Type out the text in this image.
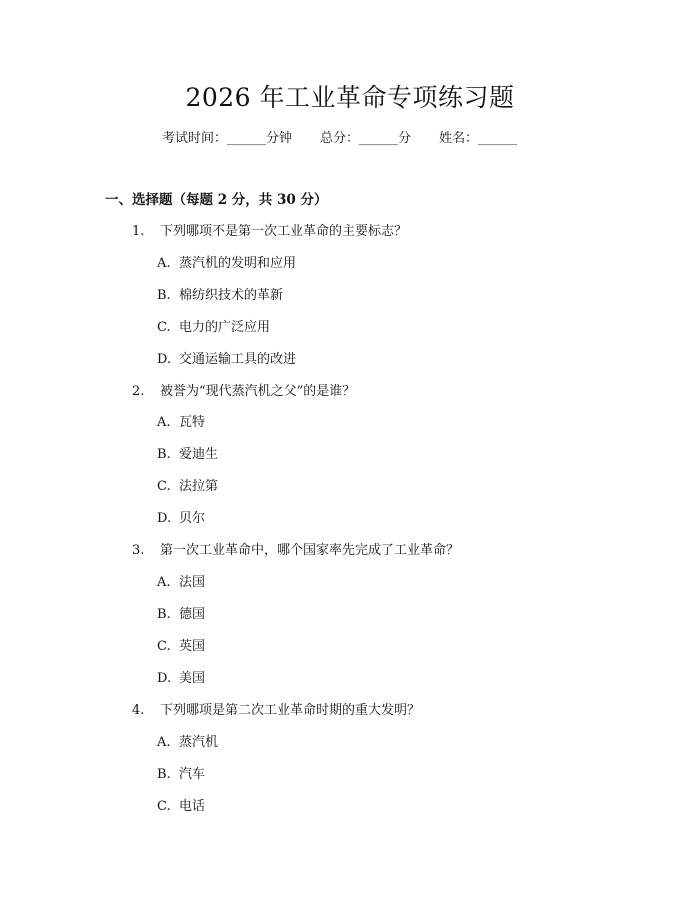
2026 年工业革命专项练习题
考试时间：______分钟 总分：______分 姓名：______
一、选择题（每题 2 分，共 30 分）
1. 下列哪项不是第一次工业革命的主要标志？
A. 蒸汽机的发明和应用
B. 棉纺织技术的革新
C. 电力的广泛应用
D. 交通运输工具的改进
2. 被誉为“现代蒸汽机之父”的是谁？
A. 瓦特
B. 爱迪生
C. 法拉第
D. 贝尔
3. 第一次工业革命中，哪个国家率先完成了工业革命？
A. 法国
B. 德国
C. 英国
D. 美国
4. 下列哪项是第二次工业革命时期的重大发明？
A. 蒸汽机
B. 汽车
C. 电话
